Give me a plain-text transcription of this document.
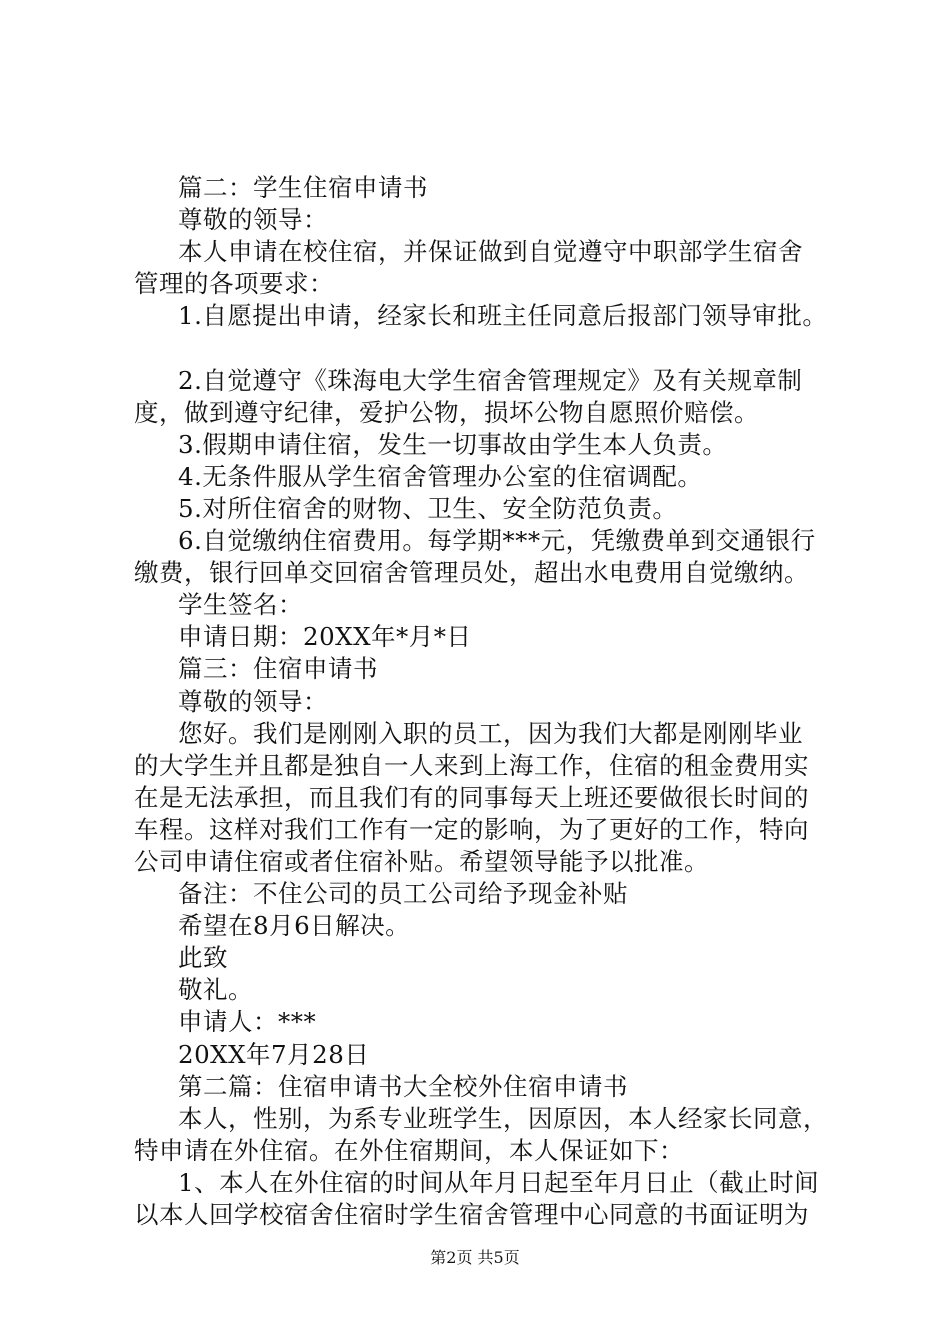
篇二：学生住宿申请书
尊敬的领导：
本人申请在校住宿，并保证做到自觉遵守中职部学生宿舍
管理的各项要求：
1.自愿提出申请，经家长和班主任同意后报部门领导审批。
2.自觉遵守《珠海电大学生宿舍管理规定》及有关规章制
度，做到遵守纪律，爱护公物，损坏公物自愿照价赔偿。
3.假期申请住宿，发生一切事故由学生本人负责。
4.无条件服从学生宿舍管理办公室的住宿调配。
5.对所住宿舍的财物、卫生、安全防范负责。
6.自觉缴纳住宿费用。每学期***元，凭缴费单到交通银行
缴费，银行回单交回宿舍管理员处，超出水电费用自觉缴纳。
学生签名：
申请日期：20XX年*月*日
篇三：住宿申请书
尊敬的领导：
您好。我们是刚刚入职的员工，因为我们大都是刚刚毕业
的大学生并且都是独自一人来到上海工作，住宿的租金费用实
在是无法承担，而且我们有的同事每天上班还要做很长时间的
车程。这样对我们工作有一定的影响，为了更好的工作，特向
公司申请住宿或者住宿补贴。希望领导能予以批准。
备注：不住公司的员工公司给予现金补贴
希望在8月6日解决。
此致
敬礼。
申请人：***
20XX年7月28日
第二篇：住宿申请书大全校外住宿申请书
本人，性别，为系专业班学生，因原因，本人经家长同意，
特申请在外住宿。在外住宿期间，本人保证如下：
1、本人在外住宿的时间从年月日起至年月日止（截止时间
以本人回学校宿舍住宿时学生宿舍管理中心同意的书面证明为
第2页 共5页
